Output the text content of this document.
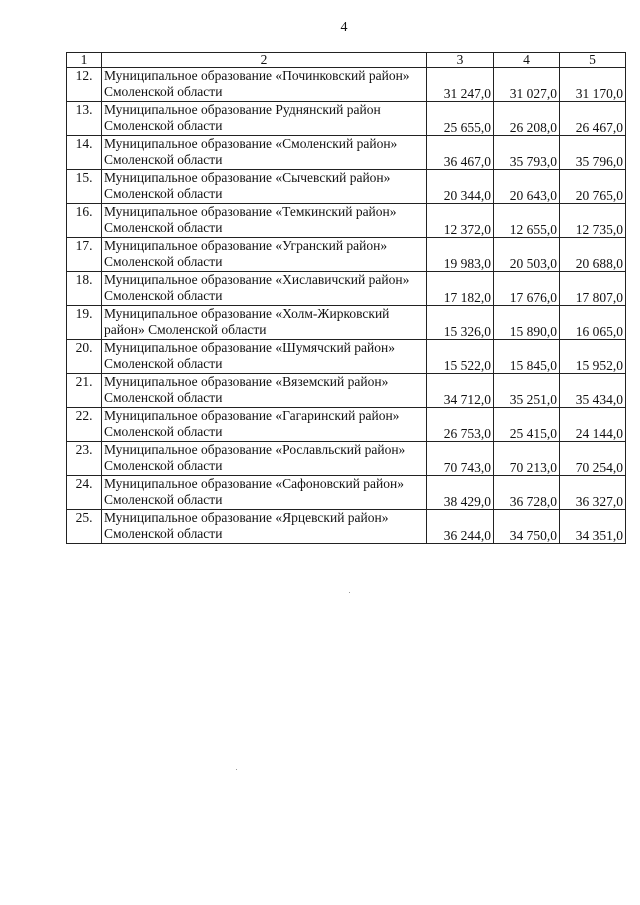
4
1	2	3	4	5
12.	Муниципальное образование «Починковский район» Смоленской области	31 247,0	31 027,0	31 170,0
13.	Муниципальное образование Руднянский район Смоленской области	25 655,0	26 208,0	26 467,0
14.	Муниципальное образование «Смоленский район» Смоленской области	36 467,0	35 793,0	35 796,0
15.	Муниципальное образование «Сычевский район» Смоленской области	20 344,0	20 643,0	20 765,0
16.	Муниципальное образование «Темкинский район» Смоленской области	12 372,0	12 655,0	12 735,0
17.	Муниципальное образование «Угранский район» Смоленской области	19 983,0	20 503,0	20 688,0
18.	Муниципальное образование «Хиславичский район» Смоленской области	17 182,0	17 676,0	17 807,0
19.	Муниципальное образование «Холм-Жирковский район» Смоленской области	15 326,0	15 890,0	16 065,0
20.	Муниципальное образование «Шумячский район» Смоленской области	15 522,0	15 845,0	15 952,0
21.	Муниципальное образование «Вяземский район» Смоленской области	34 712,0	35 251,0	35 434,0
22.	Муниципальное образование «Гагаринский район» Смоленской области	26 753,0	25 415,0	24 144,0
23.	Муниципальное образование «Рославльский район» Смоленской области	70 743,0	70 213,0	70 254,0
24.	Муниципальное образование «Сафоновский район» Смоленской области	38 429,0	36 728,0	36 327,0
25.	Муниципальное образование «Ярцевский район» Смоленской области	36 244,0	34 750,0	34 351,0
